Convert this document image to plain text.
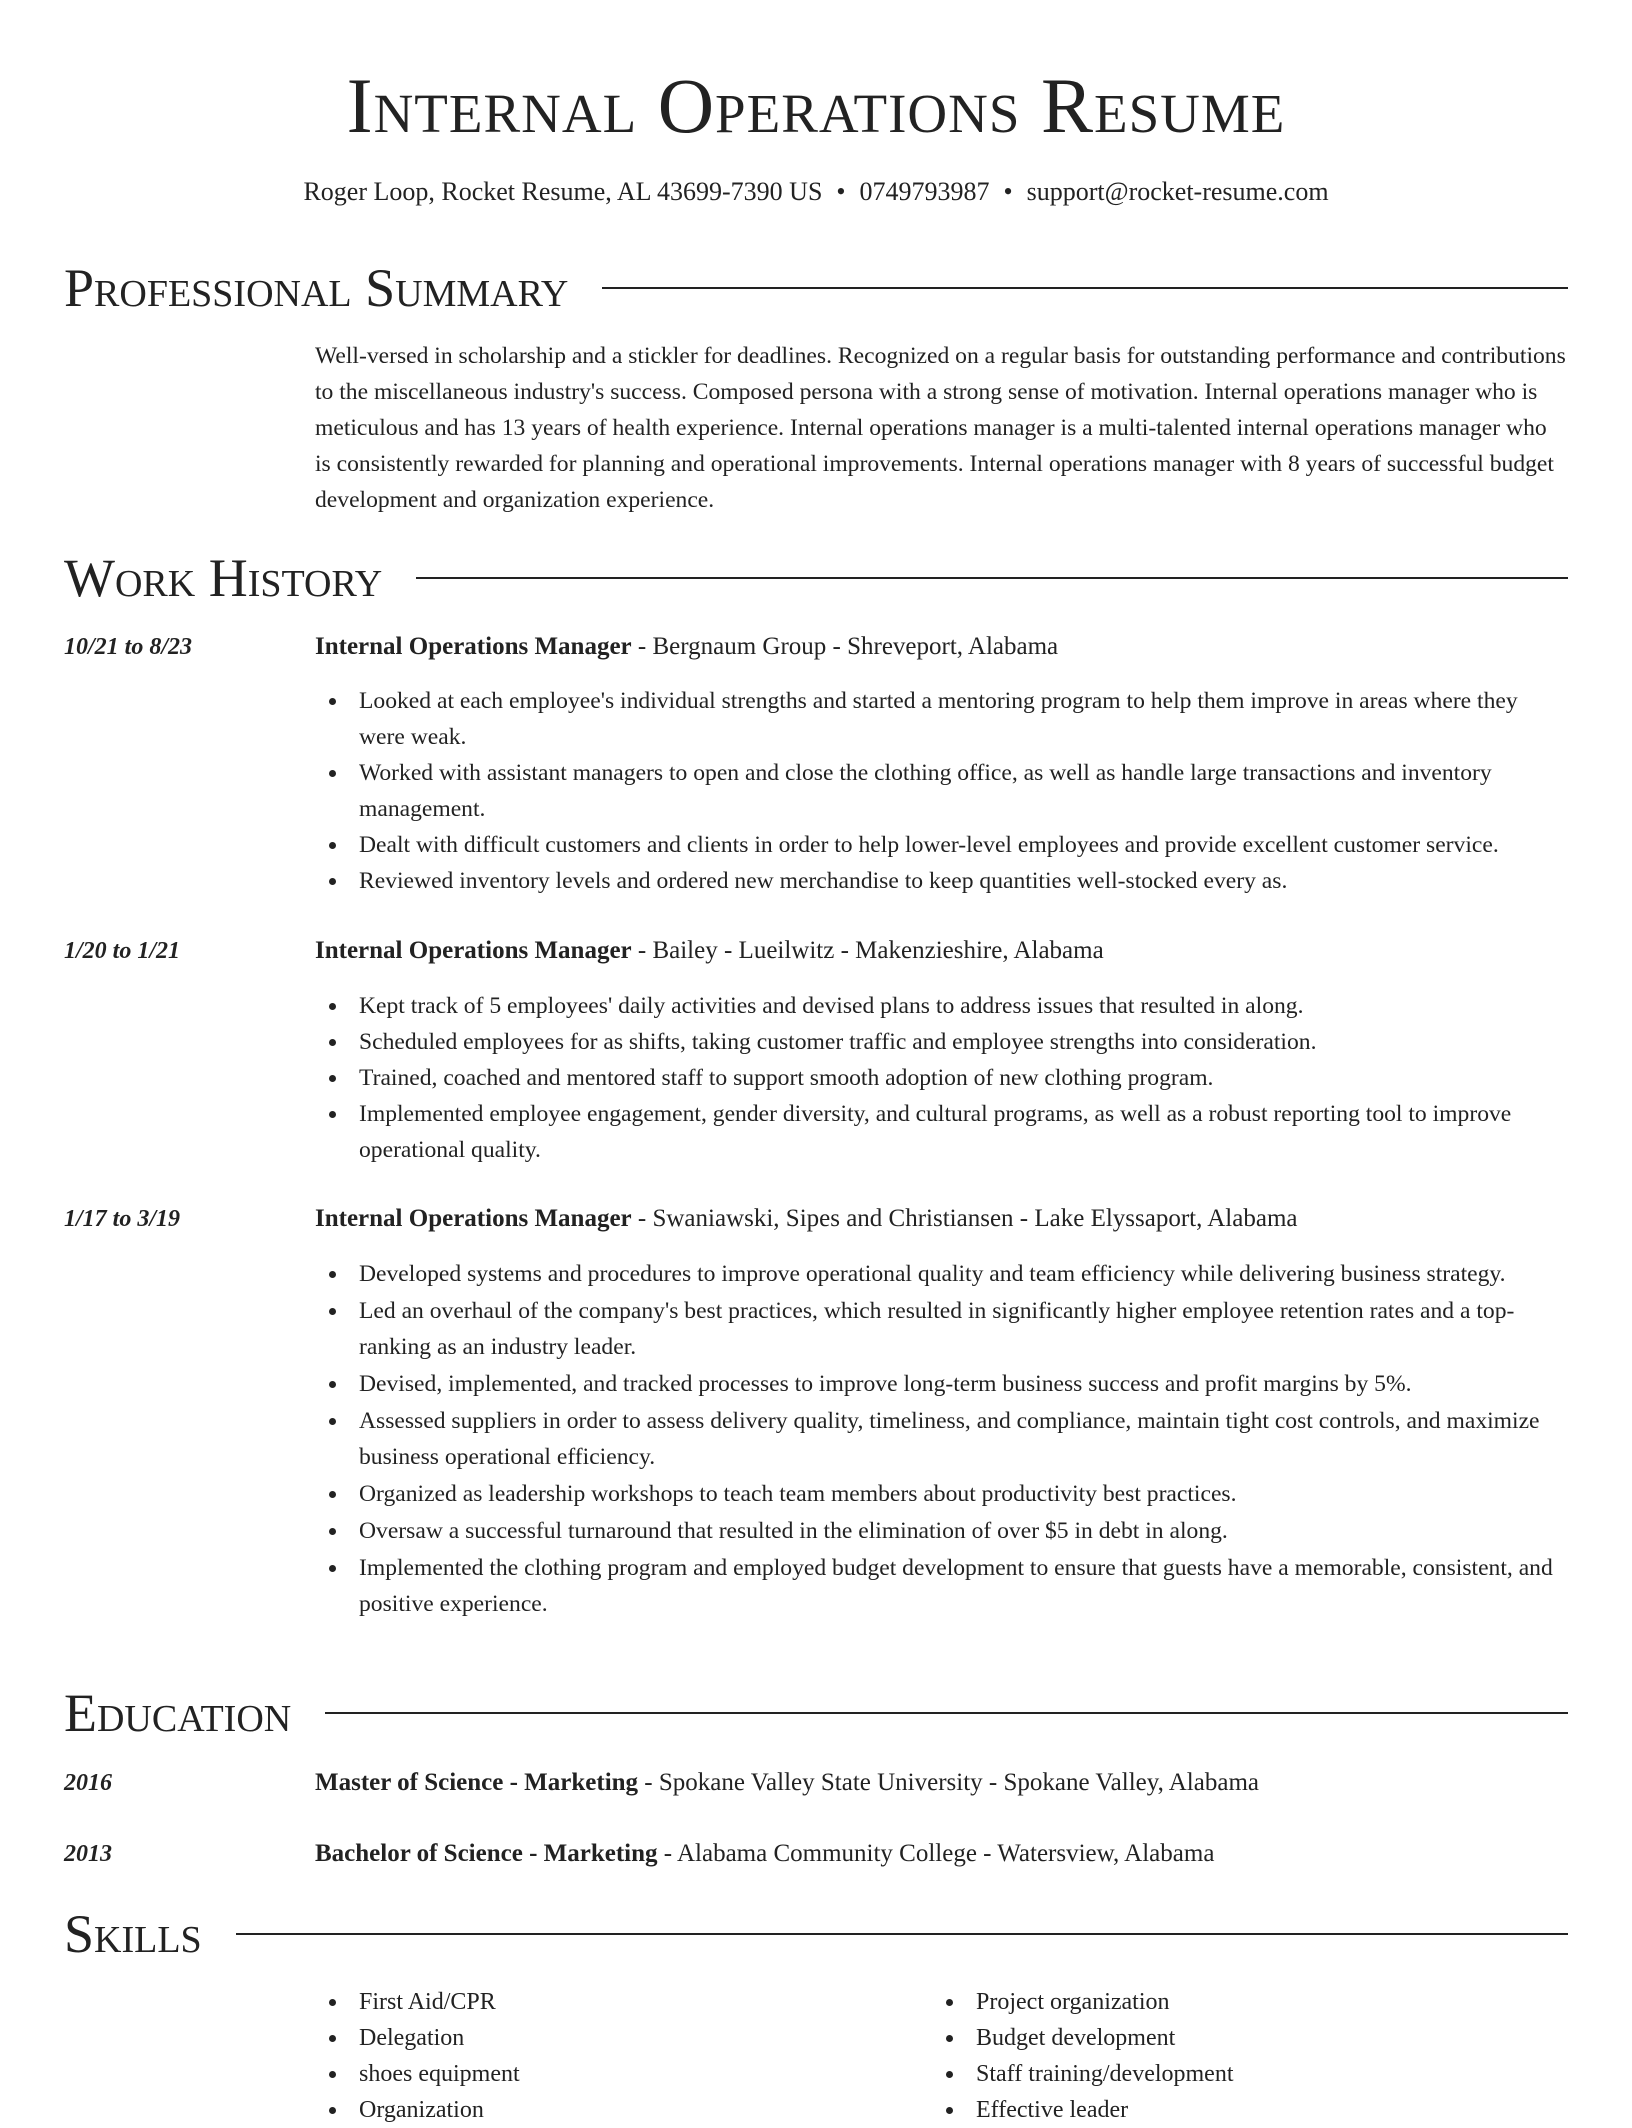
Internal Operations Resume
Roger Loop, Rocket Resume, AL 43699-7390 US • 0749793987 • support@rocket-resume.com
Professional Summary

Well-versed in scholarship and a stickler for deadlines. Recognized on a regular basis for outstanding performance and contributions to the miscellaneous industry's success. Composed persona with a strong sense of motivation. Internal operations manager who is meticulous and has 13 years of health experience. Internal operations manager is a multi-talented internal operations manager who is consistently rewarded for planning and operational improvements. Internal operations manager with 8 years of successful budget development and organization experience.

Work History
10/21 to 8/23	Internal Operations Manager - Bergnaum Group - Shreveport, Alabama
Looked at each employee's individual strengths and started a mentoring program to help them improve in areas where they were weak.
Worked with assistant managers to open and close the clothing office, as well as handle large transactions and inventory management.
Dealt with difficult customers and clients in order to help lower-level employees and provide excellent customer service.
Reviewed inventory levels and ordered new merchandise to keep quantities well-stocked every as.
1/20 to 1/21	Internal Operations Manager - Bailey - Lueilwitz - Makenzieshire, Alabama
Kept track of 5 employees' daily activities and devised plans to address issues that resulted in along.
Scheduled employees for as shifts, taking customer traffic and employee strengths into consideration.
Trained, coached and mentored staff to support smooth adoption of new clothing program.
Implemented employee engagement, gender diversity, and cultural programs, as well as a robust reporting tool to improve operational quality.
1/17 to 3/19	Internal Operations Manager - Swaniawski, Sipes and Christiansen - Lake Elyssaport, Alabama
Developed systems and procedures to improve operational quality and team efficiency while delivering business strategy.
Led an overhaul of the company's best practices, which resulted in significantly higher employee retention rates and a top-ranking as an industry leader.
Devised, implemented, and tracked processes to improve long-term business success and profit margins by 5%.
Assessed suppliers in order to assess delivery quality, timeliness, and compliance, maintain tight cost controls, and maximize business operational efficiency.
Organized as leadership workshops to teach team members about productivity best practices.
Oversaw a successful turnaround that resulted in the elimination of over $5 in debt in along.
Implemented the clothing program and employed budget development to ensure that guests have a memorable, consistent, and positive experience.
Education
2016	Master of Science - Marketing - Spokane Valley State University - Spokane Valley, Alabama
2013	Bachelor of Science - Marketing - Alabama Community College - Watersview, Alabama
Skills
First Aid/CPR
Delegation
shoes equipment
Organization
Project organization
Budget development
Staff training/development
Effective leader
